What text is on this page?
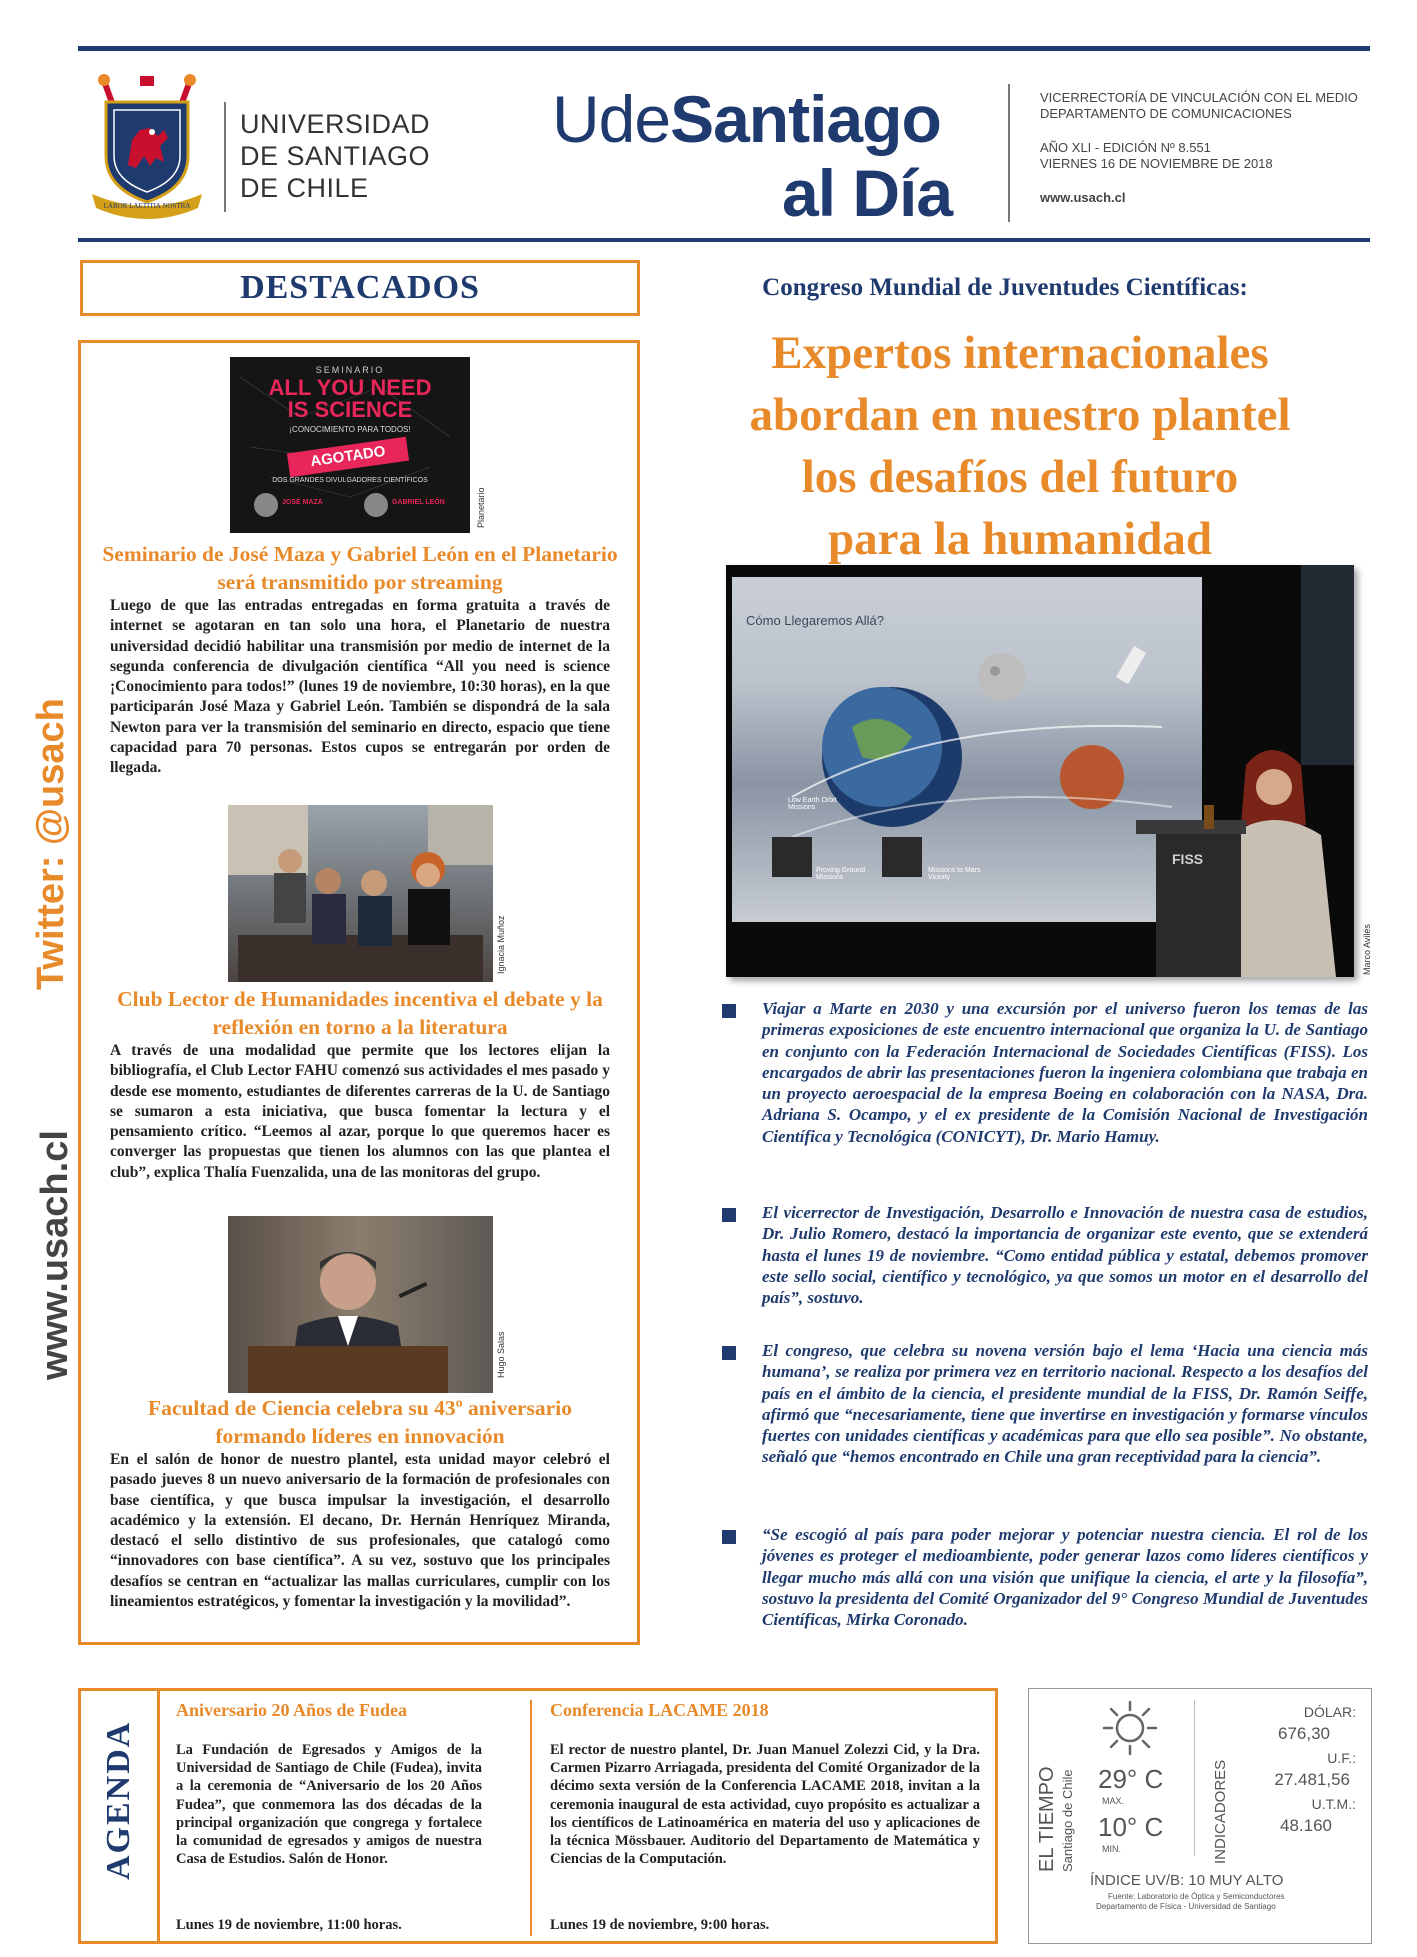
LABOR LAETITIA NOSTRA
UNIVERSIDAD
DE SANTIAGO
DE CHILE
UdeSantiago
al Día
VICERRECTORÍA DE VINCULACIÓN CON EL MEDIO
DEPARTAMENTO DE COMUNICACIONES
AÑO XLI - EDICIÓN Nº 8.551
VIERNES 16 DE NOVIEMBRE DE 2018
www.usach.cl
Twitter: @usach
www.usach.cl
DESTACADOS
SEMINARIO
ALL YOU NEED
IS SCIENCE
¡CONOCIMIENTO PARA TODOS!
AGOTADO
DOS GRANDES DIVULGADORES CIENTÍFICOS
JOSÉ MAZA	GABRIEL LEÓN	Planetario
Seminario de José Maza y Gabriel León en el Planetario será transmitido por streaming
Luego de que las entradas entregadas en forma gratuita a través de internet se agotaran en tan solo una hora, el Planetario de nuestra universidad decidió habilitar una transmisión por medio de internet de la segunda conferencia de divulgación científica “All you need is science ¡Conocimiento para todos!” (lunes 19 de noviembre, 10:30 horas), en la que participarán José Maza y Gabriel León. También se dispondrá de la sala Newton para ver la transmisión del seminario en directo, espacio que tiene capacidad para 70 personas. Estos cupos se entregarán por orden de llegada.
Ignacia Muñoz
Club Lector de Humanidades incentiva el debate y la reflexión en torno a la literatura
A través de una modalidad que permite que los lectores elijan la bibliografía, el Club Lector FAHU comenzó sus actividades el mes pasado y desde ese momento, estudiantes de diferentes carreras de la U. de Santiago se sumaron a esta iniciativa, que busca fomentar la lectura y el pensamiento crítico. “Leemos al azar, porque lo que queremos hacer es converger las propuestas que tienen los alumnos con las que plantea el club”, explica Thalía Fuenzalida, una de las monitoras del grupo.
Hugo Salas
Facultad de Ciencia celebra su 43º aniversario formando líderes en innovación
En el salón de honor de nuestro plantel, esta unidad mayor celebró el pasado jueves 8 un nuevo aniversario de la formación de profesionales con base científica, y que busca impulsar la investigación, el desarrollo académico y la extensión. El decano, Dr. Hernán Henríquez Miranda, destacó el sello distintivo de sus profesionales, que catalogó como “innovadores con base científica”. A su vez, sostuvo que los principales desafíos se centran en “actualizar las mallas curriculares, cumplir con los lineamientos estratégicos, y fomentar la investigación y la movilidad”.
Congreso Mundial de Juventudes Científicas:
Expertos internacionales
abordan en nuestro plantel
los desafíos del futuro
para la humanidad
Cómo Llegaremos Allá?
Low Earth Orbit Missions
Proving Ground Missions
Missions to Mars Vicinity
FISS
Marco Avilés
Viajar a Marte en 2030 y una excursión por el universo fueron los temas de las primeras exposiciones de este encuentro internacional que organiza la U. de Santiago en conjunto con la Federación Internacional de Sociedades Científicas (FISS). Los encargados de abrir las presentaciones fueron la ingeniera colombiana que trabaja en un proyecto aeroespacial de la empresa Boeing en colaboración con la NASA, Dra. Adriana S. Ocampo, y el ex presidente de la Comisión Nacional de Investigación Científica y Tecnológica (CONICYT), Dr. Mario Hamuy.
El vicerrector de Investigación, Desarrollo e Innovación de nuestra casa de estudios, Dr. Julio Romero, destacó la importancia de organizar este evento, que se extenderá hasta el lunes 19 de noviembre. “Como entidad pública y estatal, debemos promover este sello social, científico y tecnológico, ya que somos un motor en el desarrollo del país”, sostuvo.
El congreso, que celebra su novena versión bajo el lema ‘Hacia una ciencia más humana’, se realiza por primera vez en territorio nacional. Respecto a los desafíos del país en el ámbito de la ciencia, el presidente mundial de la FISS, Dr. Ramón Seiffe, afirmó que “necesariamente, tiene que invertirse en investigación y formarse vínculos fuertes con unidades científicas y académicas para que ello sea posible”. No obstante, señaló que “hemos encontrado en Chile una gran receptividad para la ciencia”.
“Se escogió al país para poder mejorar y potenciar nuestra ciencia. El rol de los jóvenes es proteger el medioambiente, poder generar lazos como líderes científicos y llegar mucho más allá con una visión que unifique la ciencia, el arte y la filosofía”, sostuvo la presidenta del Comité Organizador del 9° Congreso Mundial de Juventudes Científicas, Mirka Coronado.
AGENDA
Aniversario 20 Años de Fudea
La Fundación de Egresados y Amigos de la Universidad de Santiago de Chile (Fudea), invita a la ceremonia de “Aniversario de los 20 Años Fudea”, que conmemora las dos décadas de la principal organización que congrega y fortalece la comunidad de egresados y amigos de nuestra Casa de Estudios. Salón de Honor.
Lunes 19 de noviembre, 11:00 horas.
Conferencia LACAME 2018
El rector de nuestro plantel, Dr. Juan Manuel Zolezzi Cid, y la Dra. Carmen Pizarro Arriagada, presidenta del Comité Organizador de la décimo sexta versión de la Conferencia LACAME 2018, invitan a la ceremonia inaugural de esta actividad, cuyo propósito es actualizar a los científicos de Latinoamérica en materia del uso y aplicaciones de la técnica Mössbauer. Auditorio del Departamento de Matemática y Ciencias de la Computación.
Lunes 19 de noviembre, 9:00 horas.
EL TIEMPO Santiago de Chile 29° C
MAX.
10° C
MIN.	INDICADORES
DÓLAR:
676,30
U.F.:
27.481,56
U.T.M.:
48.160
ÍNDICE UV/B: 10 MUY ALTO
Fuente: Laboratorio de Óptica y Semiconductores
Departamento de Física - Universidad de Santiago
